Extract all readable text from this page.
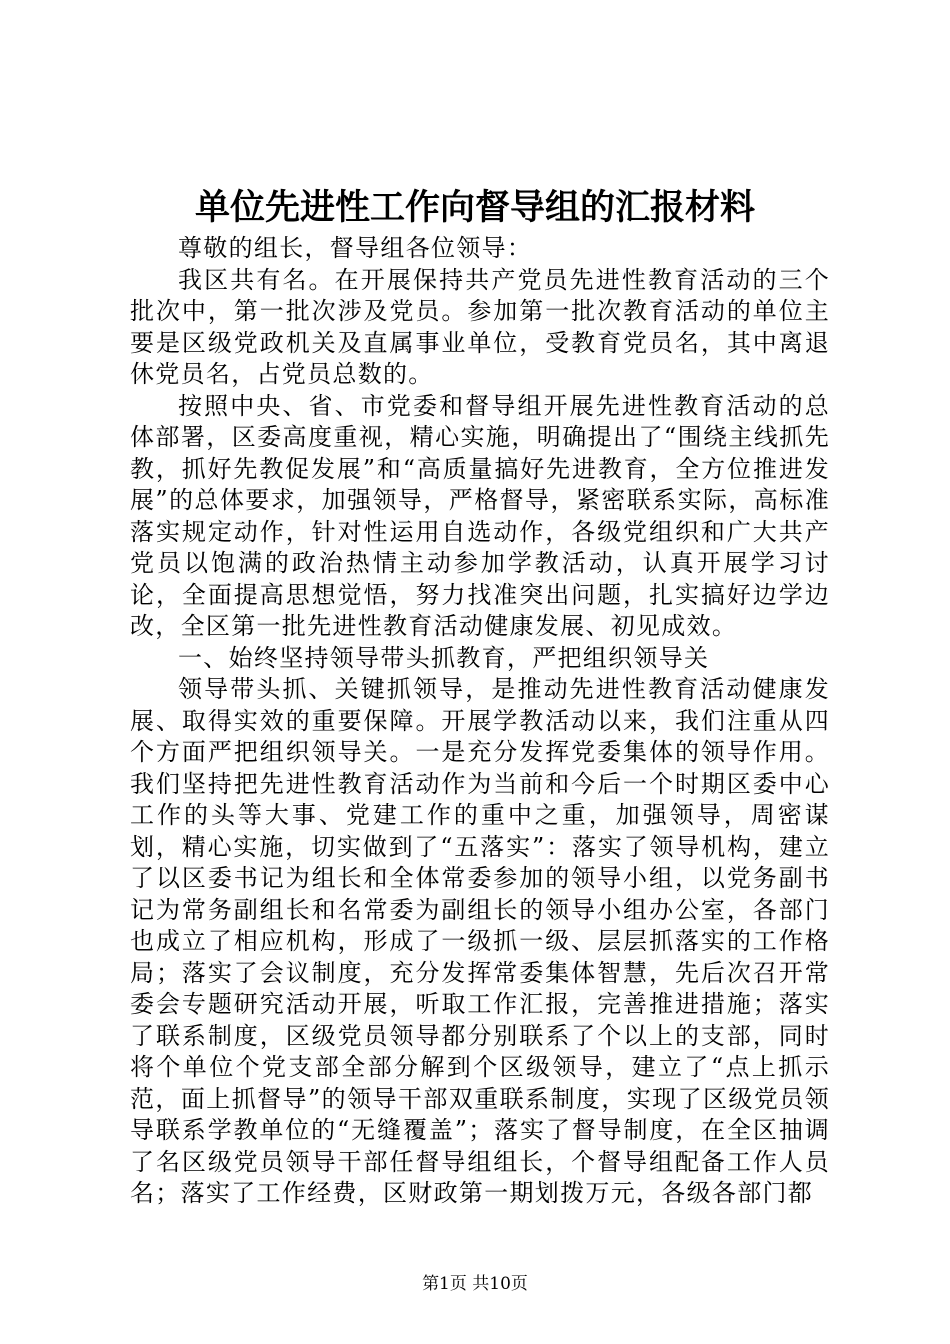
单位先进性工作向督导组的汇报材料

尊敬的组长，督导组各位领导：

我区共有名。在开展保持共产党员先进性教育活动的三个批次中，第一批次涉及党员。参加第一批次教育活动的单位主要是区级党政机关及直属事业单位，受教育党员名，其中离退休党员名，占党员总数的。

按照中央、省、市党委和督导组开展先进性教育活动的总体部署，区委高度重视，精心实施，明确提出了“围绕主线抓先教，抓好先教促发展”和“高质量搞好先进教育，全方位推进发展”的总体要求，加强领导，严格督导，紧密联系实际，高标准落实规定动作，针对性运用自选动作，各级党组织和广大共产党员以饱满的政治热情主动参加学教活动，认真开展学习讨论，全面提高思想觉悟，努力找准突出问题，扎实搞好边学边改，全区第一批先进性教育活动健康发展、初见成效。

一、始终坚持领导带头抓教育，严把组织领导关

领导带头抓、关键抓领导，是推动先进性教育活动健康发展、取得实效的重要保障。开展学教活动以来，我们注重从四个方面严把组织领导关。一是充分发挥党委集体的领导作用。我们坚持把先进性教育活动作为当前和今后一个时期区委中心工作的头等大事、党建工作的重中之重，加强领导，周密谋划，精心实施，切实做到了“五落实”：落实了领导机构，建立了以区委书记为组长和全体常委参加的领导小组，以党务副书记为常务副组长和名常委为副组长的领导小组办公室，各部门也成立了相应机构，形成了一级抓一级、层层抓落实的工作格局；落实了会议制度，充分发挥常委集体智慧，先后次召开常委会专题研究活动开展，听取工作汇报，完善推进措施；落实了联系制度，区级党员领导都分别联系了个以上的支部，同时将个单位个党支部全部分解到个区级领导，建立了“点上抓示范，面上抓督导”的领导干部双重联系制度，实现了区级党员领导联系学教单位的“无缝覆盖”；落实了督导制度，在全区抽调了名区级党员领导干部任督导组组长，个督导组配备工作人员名；落实了工作经费，区财政第一期划拨万元，各级各部门都

第1页 共10页
